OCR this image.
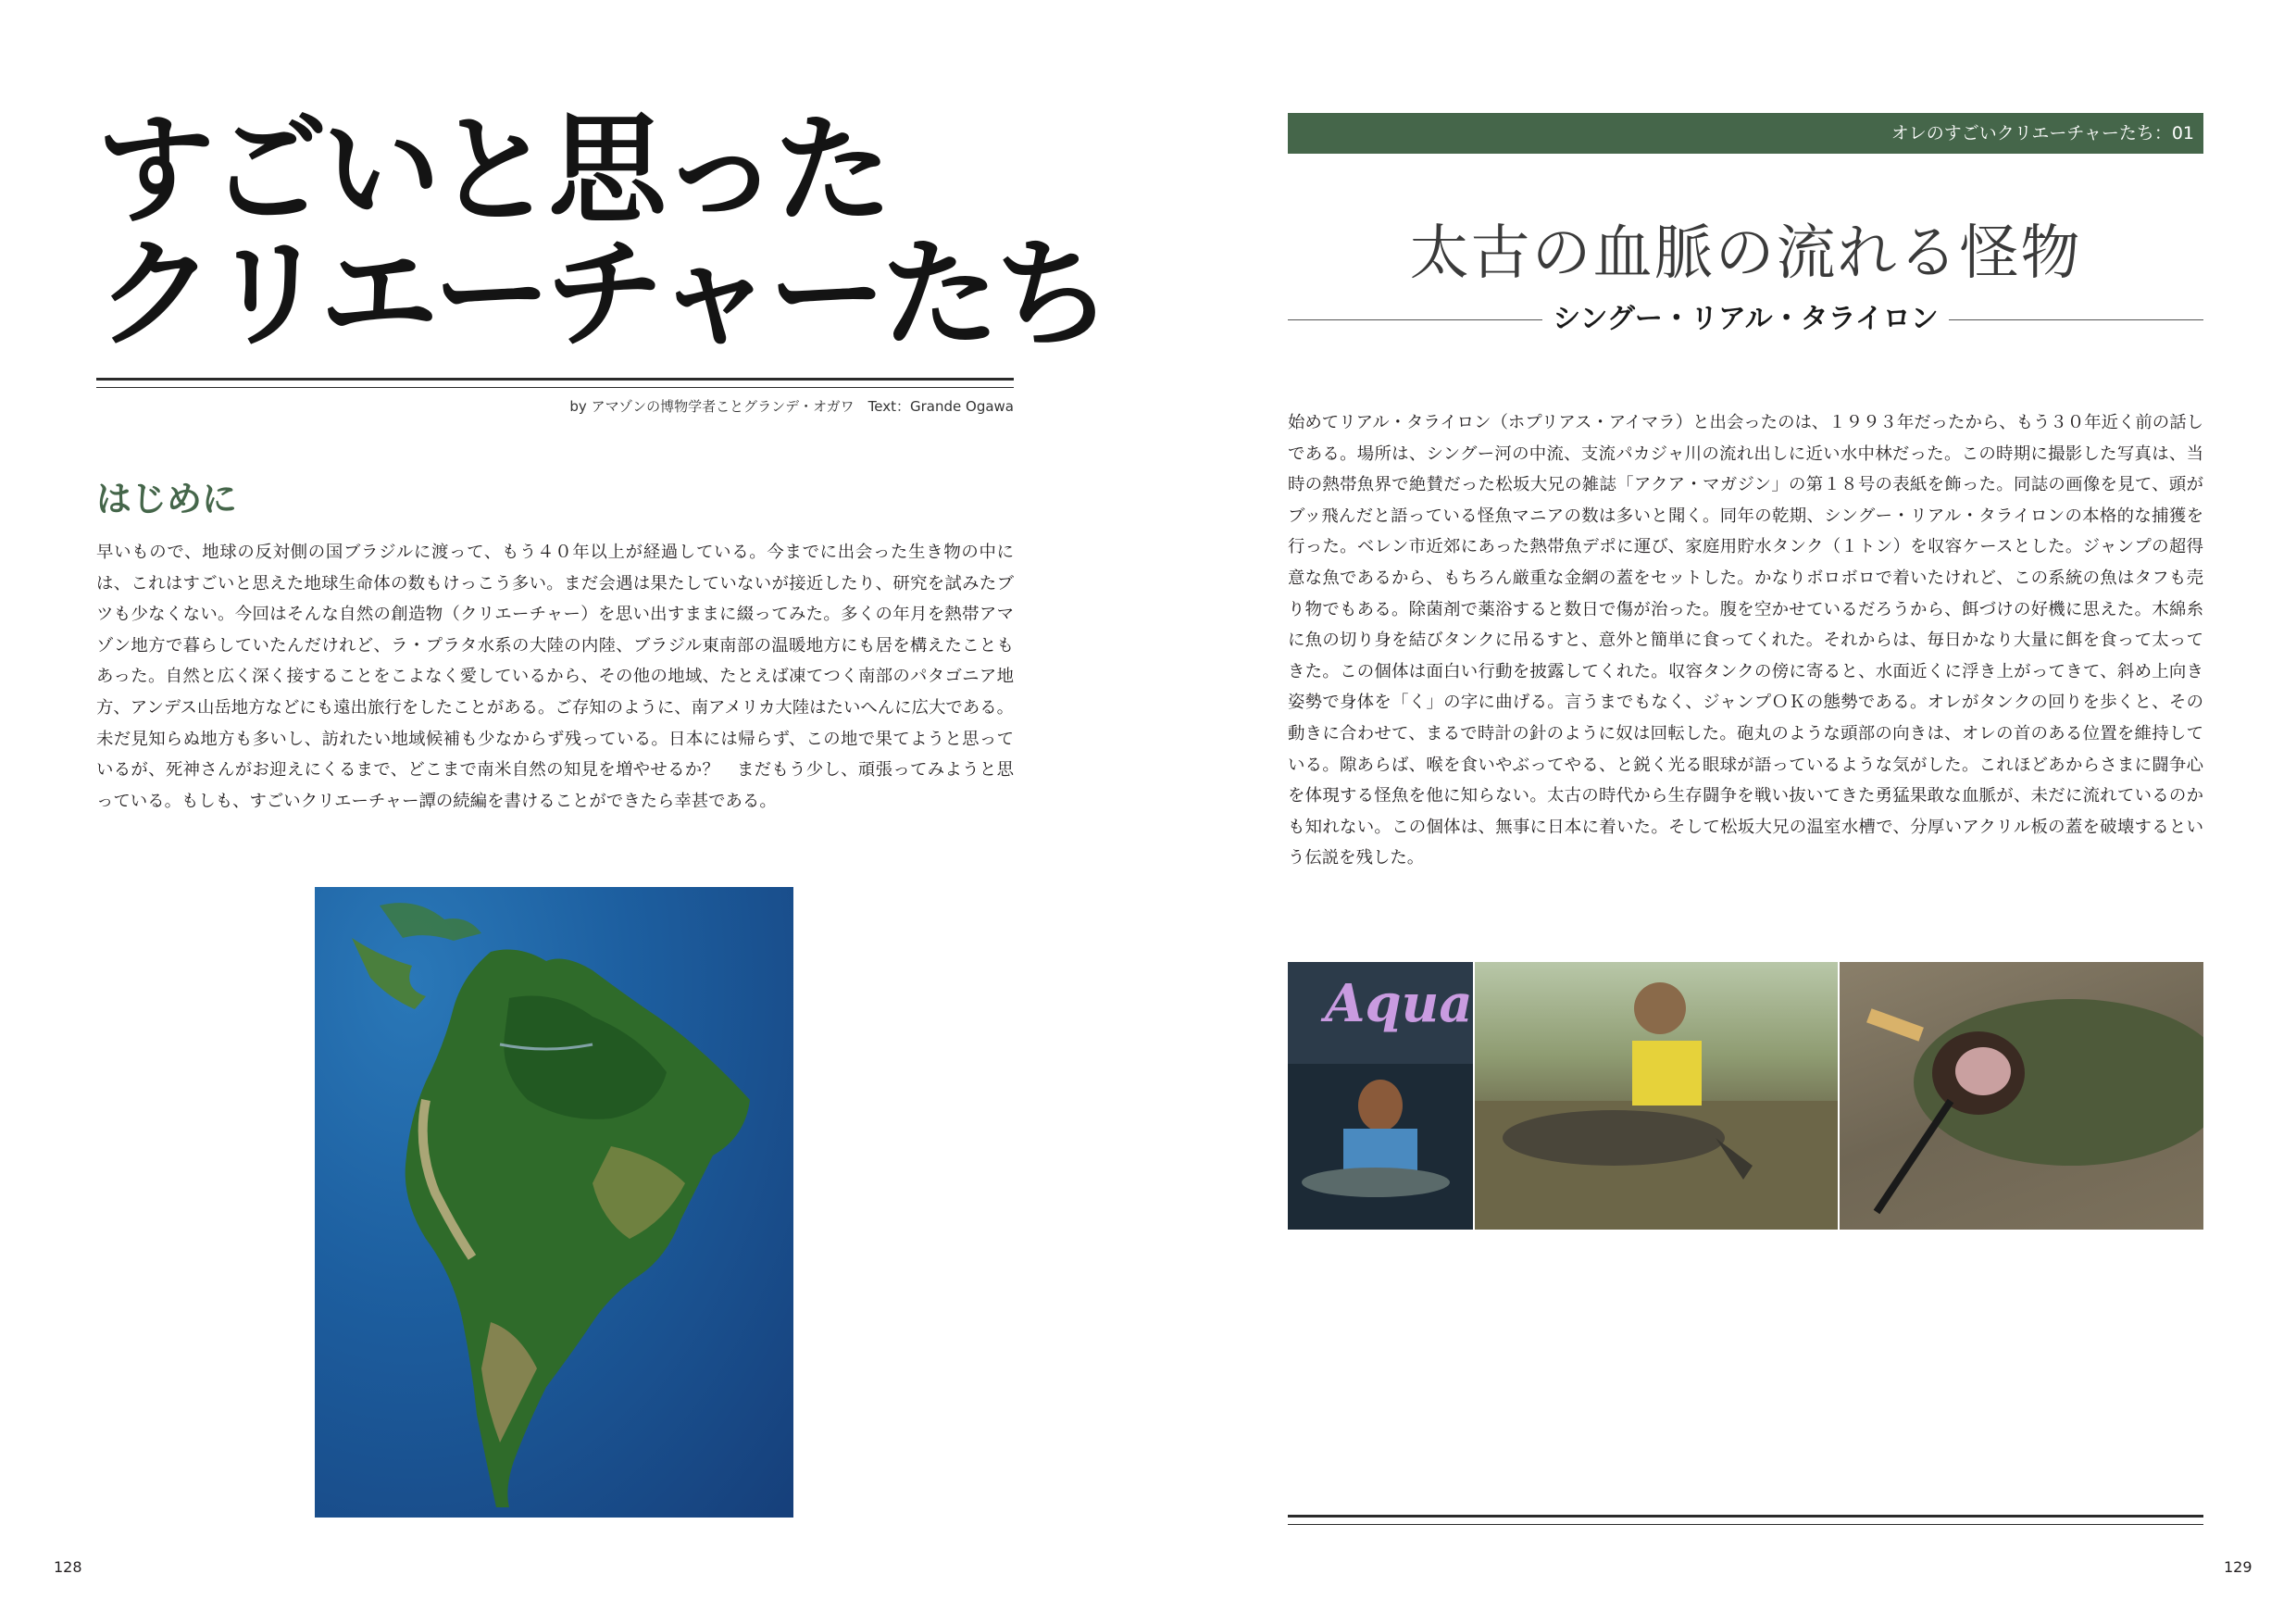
すごいと思った
クリエーチャーたち
by アマゾンの博物学者ことグランデ・オガワ　Text：Grande Ogawa
はじめに

早いもので、地球の反対側の国ブラジルに渡って、もう４０年以上が経過している。今までに出会った生き物の中には、これはすごいと思えた地球生命体の数もけっこう多い。まだ会遇は果たしていないが接近したり、研究を試みたブツも少なくない。今回はそんな自然の創造物（クリエーチャー）を思い出すままに綴ってみた。多くの年月を熱帯アマゾン地方で暮らしていたんだけれど、ラ・プラタ水系の大陸の内陸、ブラジル東南部の温暖地方にも居を構えたこともあった。自然と広く深く接することをこよなく愛しているから、その他の地域、たとえば凍てつく南部のパタゴニア地方、アンデス山岳地方などにも遠出旅行をしたことがある。ご存知のように、南アメリカ大陸はたいへんに広大である。未だ見知らぬ地方も多いし、訪れたい地域候補も少なからず残っている。日本には帰らず、この地で果てようと思っているが、死神さんがお迎えにくるまで、どこまで南米自然の知見を増やせるか？　まだもう少し、頑張ってみようと思っている。もしも、すごいクリエーチャー譚の続編を書けることができたら幸甚である。

128
オレのすごいクリエーチャーたち：01
太古の血脈の流れる怪物
シングー・リアル・タライロン

始めてリアル・タライロン（ホプリアス・アイマラ）と出会ったのは、１９９３年だったから、もう３０年近く前の話しである。場所は、シングー河の中流、支流パカジャ川の流れ出しに近い水中林だった。この時期に撮影した写真は、当時の熱帯魚界で絶賛だった松坂大兄の雑誌「アクア・マガジン」の第１８号の表紙を飾った。同誌の画像を見て、頭がブッ飛んだと語っている怪魚マニアの数は多いと聞く。同年の乾期、シングー・リアル・タライロンの本格的な捕獲を行った。ベレン市近郊にあった熱帯魚デポに運び、家庭用貯水タンク（１トン）を収容ケースとした。ジャンプの超得意な魚であるから、もちろん厳重な金網の蓋をセットした。かなりボロボロで着いたけれど、この系統の魚はタフも売り物でもある。除菌剤で薬浴すると数日で傷が治った。腹を空かせているだろうから、餌づけの好機に思えた。木綿糸に魚の切り身を結びタンクに吊るすと、意外と簡単に食ってくれた。それからは、毎日かなり大量に餌を食って太ってきた。この個体は面白い行動を披露してくれた。収容タンクの傍に寄ると、水面近くに浮き上がってきて、斜め上向き姿勢で身体を「く」の字に曲げる。言うまでもなく、ジャンプＯＫの態勢である。オレがタンクの回りを歩くと、その動きに合わせて、まるで時計の針のように奴は回転した。砲丸のような頭部の向きは、オレの首のある位置を維持している。隙あらば、喉を食いやぶってやる、と鋭く光る眼球が語っているような気がした。これほどあからさまに闘争心を体現する怪魚を他に知らない。太古の時代から生存闘争を戦い抜いてきた勇猛果敢な血脈が、未だに流れているのかも知れない。この個体は、無事に日本に着いた。そして松坂大兄の温室水槽で、分厚いアクリル板の蓋を破壊するという伝説を残した。

Aqua
129
